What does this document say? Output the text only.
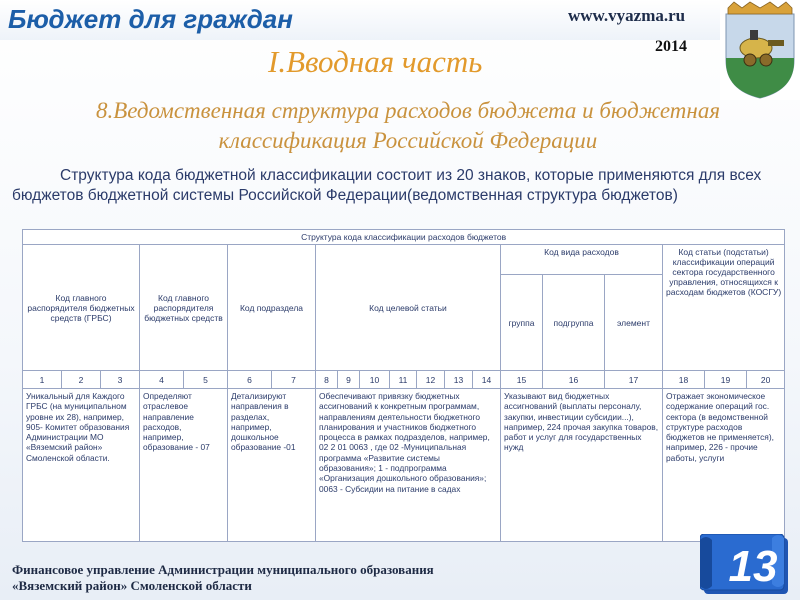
Бюджет для граждан	www.vyazma.ru
2014
I.Вводная часть
8.Ведомственная структура расходов бюджета и бюджетная
классификация Российской Федерации
Структура кода бюджетной классификации состоит из 20 знаков, которые применяются для всех бюджетов бюджетной системы Российской Федерации(ведомственная структура бюджетов)
Структура кода классификации расходов бюджетов																			
Код главного распорядителя бюджетных средств (ГРБС)			Код главного распорядителя бюджетных средств		Код подраздела		Код целевой статьи							Код вида расходов			Код статьи (подстатьи) классификации операций сектора государственного управления, относящихся к расходам бюджетов (КОСГУ)		
														группа	подгруппа	элемент			
1	2	3	4	5	6	7	8	9	10	11	12	13	14	15	16	17	18	19	20
Уникальный для Каждого ГРБС (на муниципальном уровне их 28), например, 905- Комитет образования Администрации МО «Вяземский район» Смоленской области.			Определяют отраслевое направление расходов, например, образование - 07		Детализируют направления в разделах, например, дошкольное образование -01		Обеспечивают привязку бюджетных ассигнований к конкретным программам, направлениям деятельности бюджетного планирования и участников бюджетного процесса в рамках подразделов, например, 02 2 01 0063 , где 02 -Муниципальная программа «Развитие системы образования»; 1 - подпрограмма «Организация дошкольного образования»; 0063 - Субсидии на питание в садах							Указывают вид бюджетных ассигнований (выплаты персоналу, закупки, инвестиции субсидии...), например, 224 прочая закупка товаров, работ и услуг для государственных нужд			Отражает экономическое содержание операций гос. сектора (в ведомственной структуре расходов бюджетов не применяется), например, 226 - прочие работы, услуги		
Финансовое управление Администрации муниципального образования
«Вяземский район» Смоленской области	13
